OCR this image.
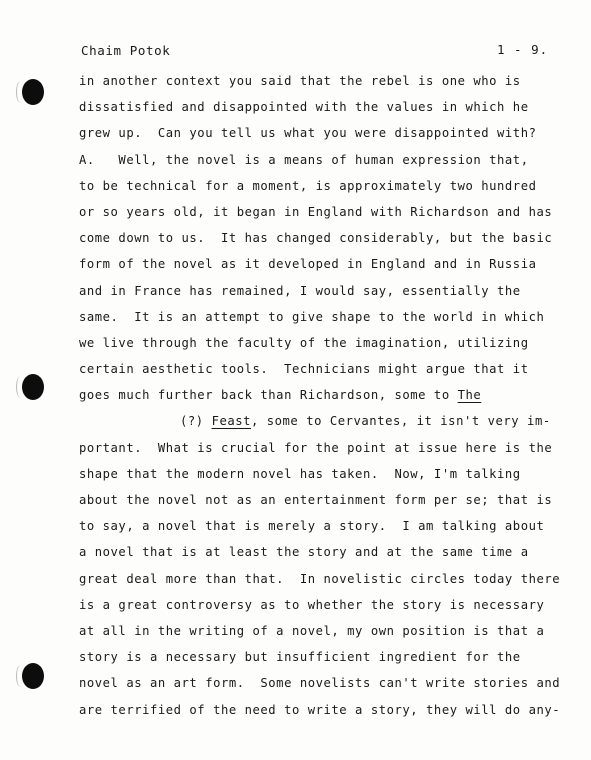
Chaim Potok	1 - 9.
in another context you said that the rebel is one who is
dissatisfied and disappointed with the values in which he
grew up.  Can you tell us what you were disappointed with?
A.   Well, the novel is a means of human expression that,
to be technical for a moment, is approximately two hundred
or so years old, it began in England with Richardson and has
come down to us.  It has changed considerably, but the basic
form of the novel as it developed in England and in Russia
and in France has remained, I would say, essentially the
same.  It is an attempt to give shape to the world in which
we live through the faculty of the imagination, utilizing
certain aesthetic tools.  Technicians might argue that it
goes much further back than Richardson, some to The
(?) Feast, some to Cervantes, it isn't very im-
portant.  What is crucial for the point at issue here is the
shape that the modern novel has taken.  Now, I'm talking
about the novel not as an entertainment form per se; that is
to say, a novel that is merely a story.  I am talking about
a novel that is at least the story and at the same time a
great deal more than that.  In novelistic circles today there
is a great controversy as to whether the story is necessary
at all in the writing of a novel, my own position is that a
story is a necessary but insufficient ingredient for the
novel as an art form.  Some novelists can't write stories and
are terrified of the need to write a story, they will do any-
